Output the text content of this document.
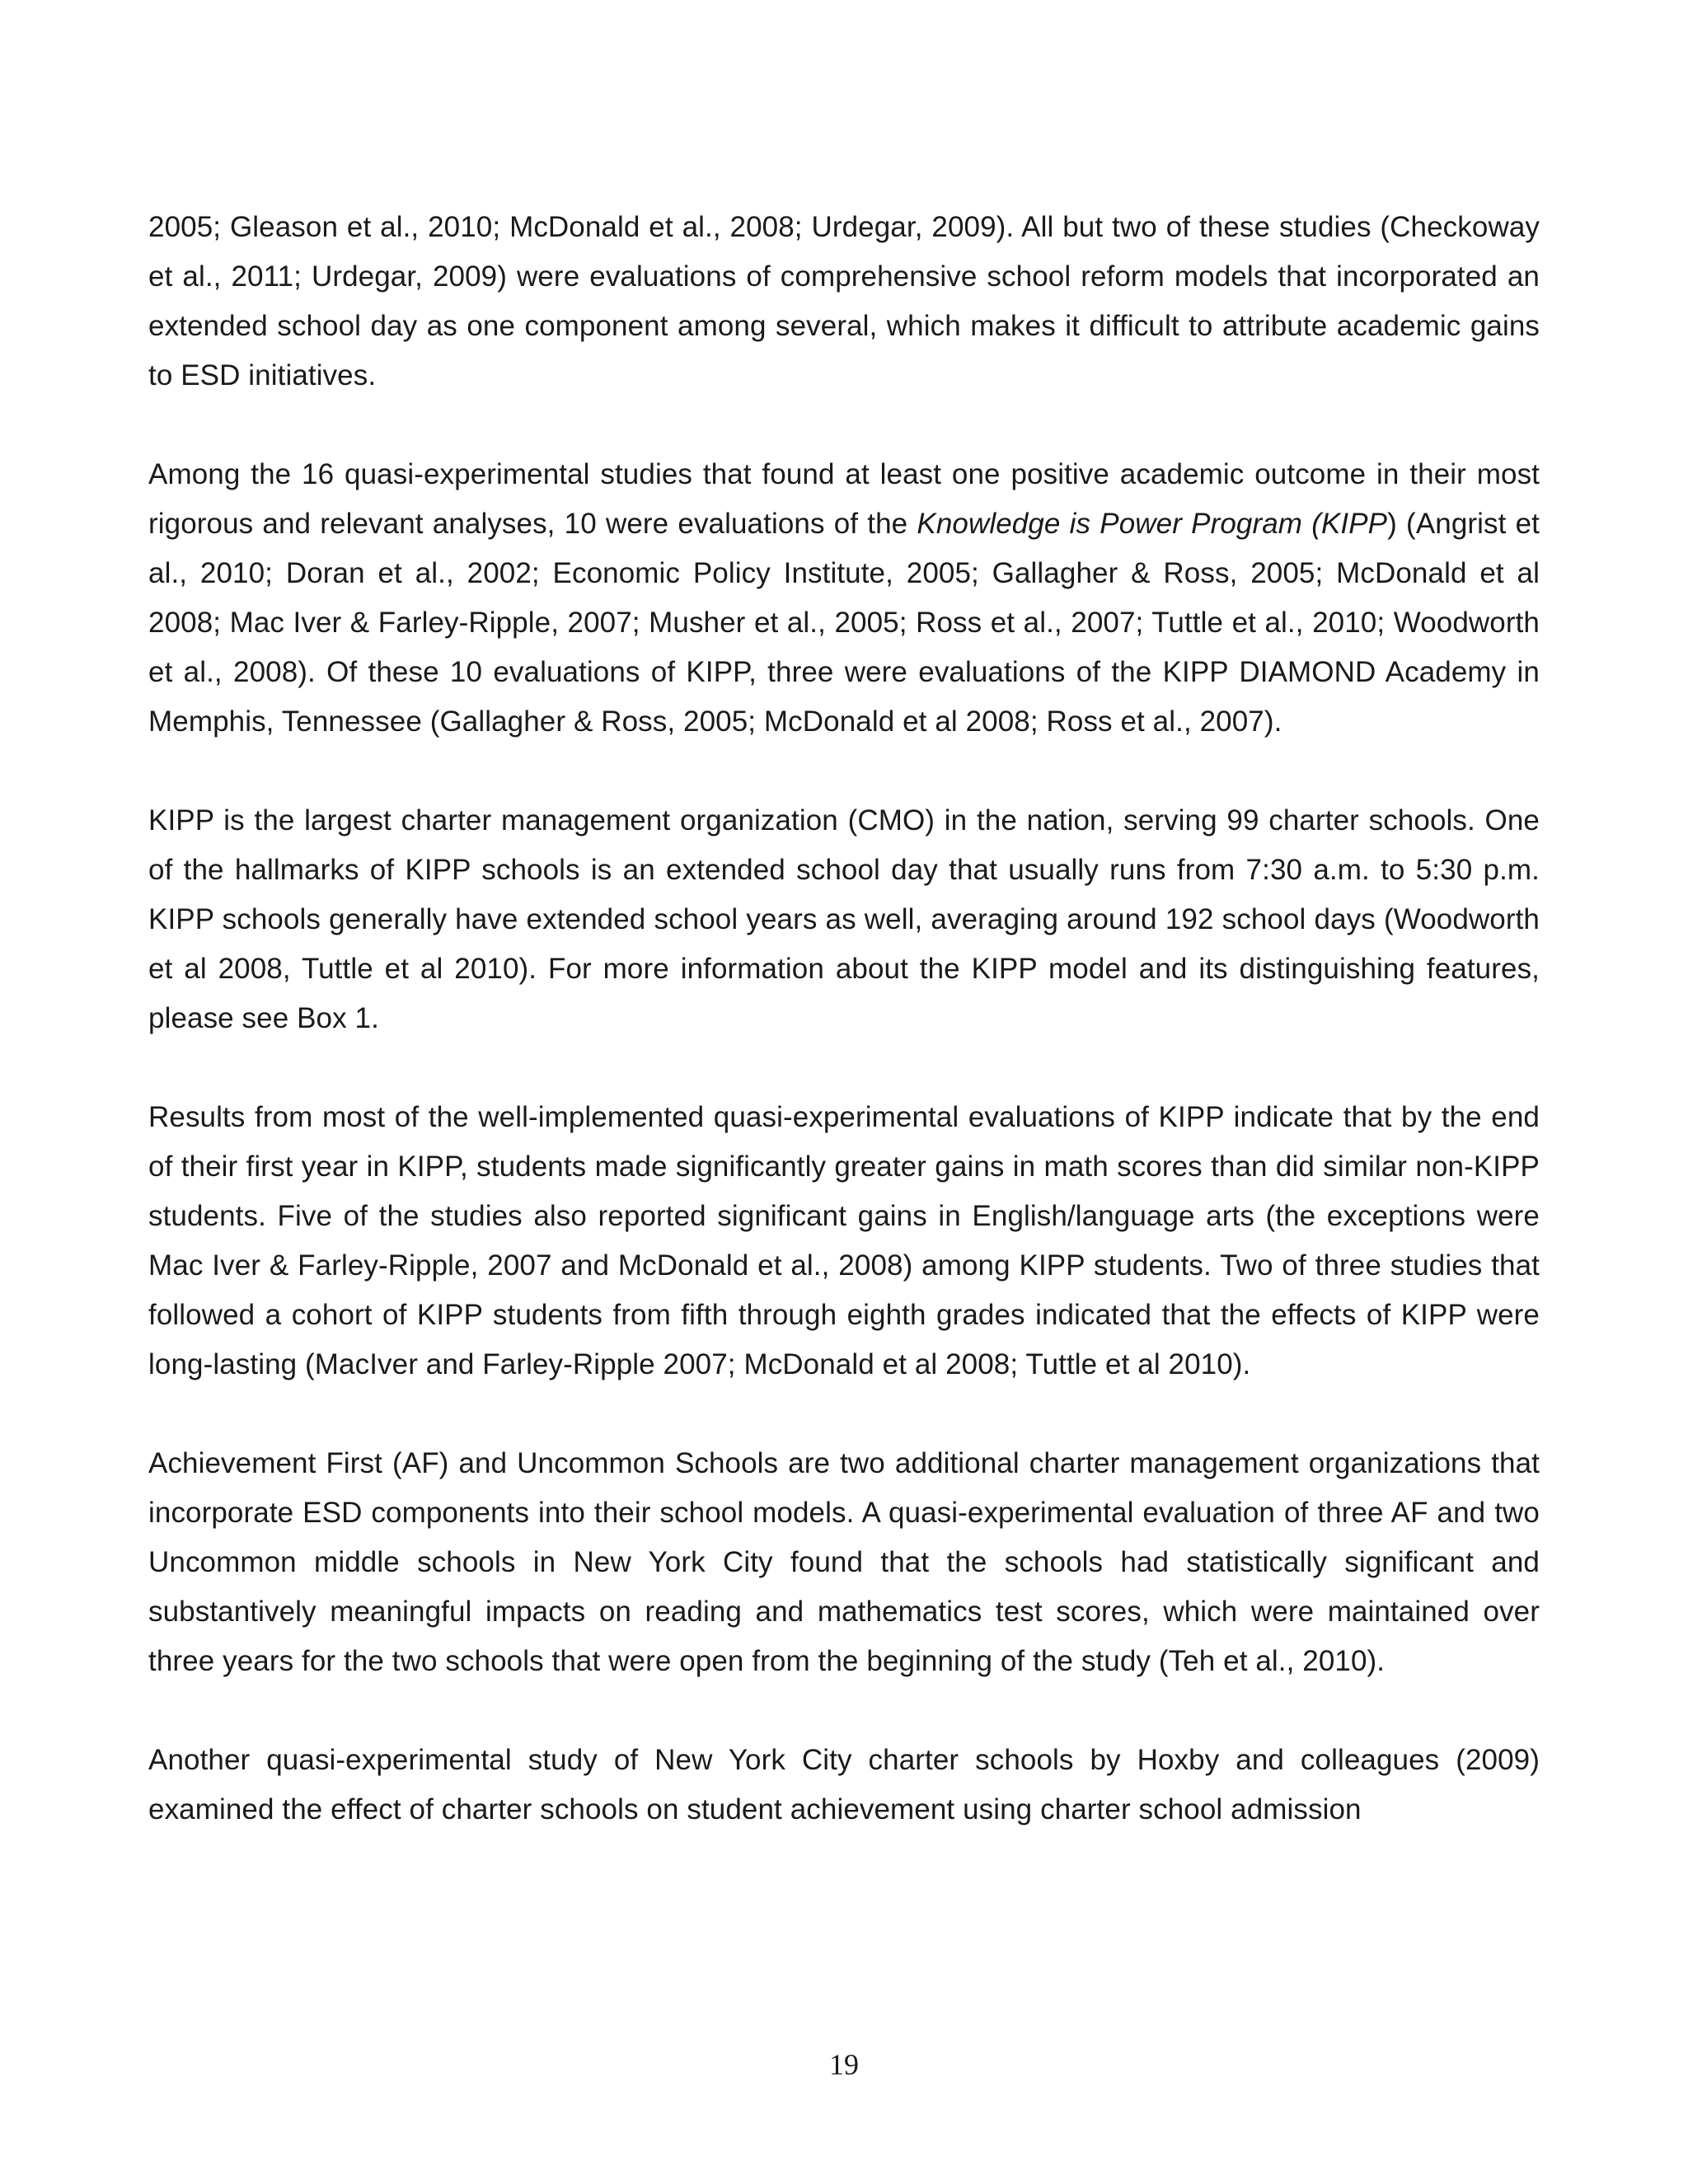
2005; Gleason et al., 2010; McDonald et al., 2008; Urdegar, 2009). All but two of these studies (Checkoway et al., 2011; Urdegar, 2009) were evaluations of comprehensive school reform models that incorporated an extended school day as one component among several, which makes it difficult to attribute academic gains to ESD initiatives.

Among the 16 quasi-experimental studies that found at least one positive academic outcome in their most rigorous and relevant analyses, 10 were evaluations of the Knowledge is Power Program (KIPP) (Angrist et al., 2010; Doran et al., 2002; Economic Policy Institute, 2005; Gallagher & Ross, 2005; McDonald et al 2008; Mac Iver & Farley-Ripple, 2007; Musher et al., 2005; Ross et al., 2007; Tuttle et al., 2010; Woodworth et al., 2008). Of these 10 evaluations of KIPP, three were evaluations of the KIPP DIAMOND Academy in Memphis, Tennessee (Gallagher & Ross, 2005; McDonald et al 2008; Ross et al., 2007).

KIPP is the largest charter management organization (CMO) in the nation, serving 99 charter schools. One of the hallmarks of KIPP schools is an extended school day that usually runs from 7:30 a.m. to 5:30 p.m. KIPP schools generally have extended school years as well, averaging around 192 school days (Woodworth et al 2008, Tuttle et al 2010). For more information about the KIPP model and its distinguishing features, please see Box 1.

Results from most of the well-implemented quasi-experimental evaluations of KIPP indicate that by the end of their first year in KIPP, students made significantly greater gains in math scores than did similar non-KIPP students. Five of the studies also reported significant gains in English/language arts (the exceptions were Mac Iver & Farley-Ripple, 2007 and McDonald et al., 2008) among KIPP students. Two of three studies that followed a cohort of KIPP students from fifth through eighth grades indicated that the effects of KIPP were long-lasting (MacIver and Farley-Ripple 2007; McDonald et al 2008; Tuttle et al 2010).

Achievement First (AF) and Uncommon Schools are two additional charter management organizations that incorporate ESD components into their school models. A quasi-experimental evaluation of three AF and two Uncommon middle schools in New York City found that the schools had statistically significant and substantively meaningful impacts on reading and mathematics test scores, which were maintained over three years for the two schools that were open from the beginning of the study (Teh et al., 2010).

Another quasi-experimental study of New York City charter schools by Hoxby and colleagues (2009) examined the effect of charter schools on student achievement using charter school admission

19
